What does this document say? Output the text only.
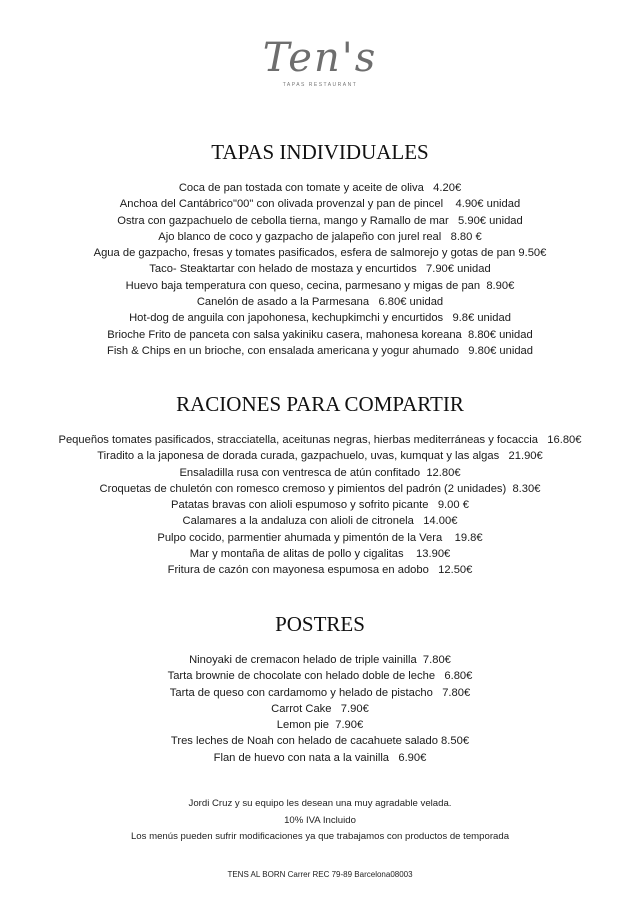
Ten's
TAPAS RESTAURANT
TAPAS INDIVIDUALES
Coca de pan tostada con tomate y aceite de oliva   4.20€
Anchoa del Cantábrico"00" con olivada provenzal y pan de pincel    4.90€ unidad
Ostra con gazpachuelo de cebolla tierna, mango y Ramallo de mar   5.90€ unidad
Ajo blanco de coco y gazpacho de jalapeño con jurel real   8.80 €
Agua de gazpacho, fresas y tomates pasificados, esfera de salmorejo y gotas de pan 9.50€
Taco- Steaktartar con helado de mostaza y encurtidos   7.90€ unidad
Huevo baja temperatura con queso, cecina, parmesano y migas de pan  8.90€
Canelón de asado a la Parmesana   6.80€ unidad
Hot-dog de anguila con japohonesa, kechupkimchi y encurtidos   9.8€ unidad
Brioche Frito de panceta con salsa yakiniku casera, mahonesa koreana  8.80€ unidad
Fish & Chips en un brioche, con ensalada americana y yogur ahumado   9.80€ unidad
RACIONES PARA COMPARTIR
Pequeños tomates pasificados, stracciatella, aceitunas negras, hierbas mediterráneas y focaccia   16.80€
Tiradito a la japonesa de dorada curada, gazpachuelo, uvas, kumquat y las algas   21.90€
Ensaladilla rusa con ventresca de atún confitado  12.80€
Croquetas de chuletón con romesco cremoso y pimientos del padrón (2 unidades)  8.30€
Patatas bravas con alioli espumoso y sofrito picante   9.00 €
Calamares a la andaluza con alioli de citronela   14.00€
Pulpo cocido, parmentier ahumada y pimentón de la Vera    19.8€
Mar y montaña de alitas de pollo y cigalitas    13.90€
Fritura de cazón con mayonesa espumosa en adobo   12.50€
POSTRES
Ninoyaki de cremacon helado de triple vainilla  7.80€
Tarta brownie de chocolate con helado doble de leche   6.80€
Tarta de queso con cardamomo y helado de pistacho   7.80€
Carrot Cake   7.90€
Lemon pie  7.90€
Tres leches de Noah con helado de cacahuete salado 8.50€
Flan de huevo con nata a la vainilla   6.90€
Jordi Cruz y su equipo les desean una muy agradable velada.
10% IVA Incluido
Los menús pueden sufrir modificaciones ya que trabajamos con productos de temporada
TENS AL BORN Carrer REC 79-89 Barcelona08003
